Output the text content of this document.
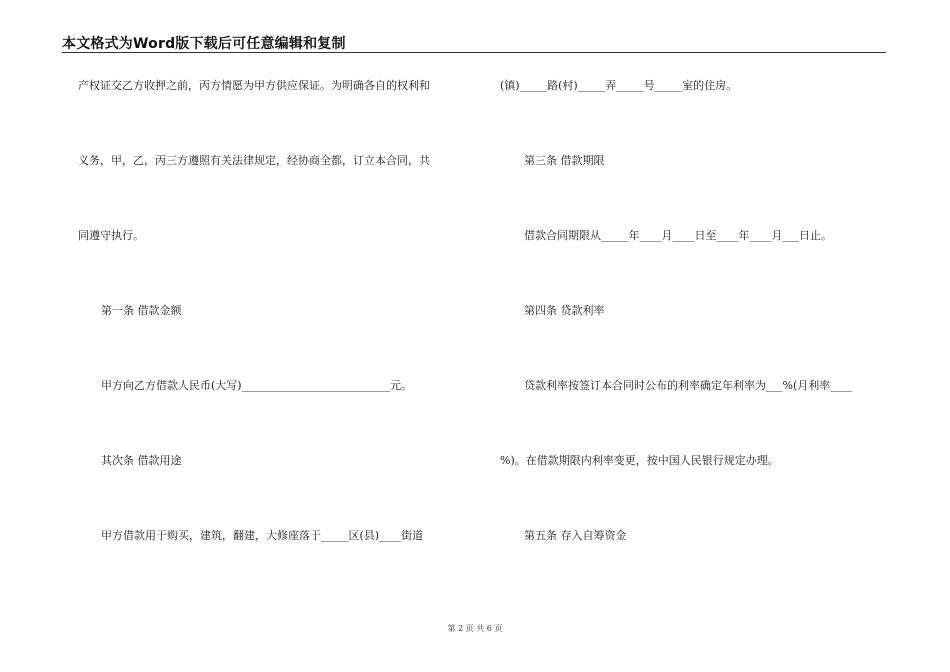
本文格式为Word版下载后可任意编辑和复制
产权证交乙方收押之前，丙方情愿为甲方供应保证。为明确各自的权利和
义务，甲，乙，丙三方遵照有关法律规定，经协商全都，订立本合同，共
同遵守执行。
第一条 借款金额
甲方向乙方借款人民币(大写)___________________________元。
其次条 借款用途
甲方借款用于购买，建筑，翻建，大修座落于_____区(县)____街道
(镇)_____路(村)_____弄_____号_____室的住房。
第三条 借款期限
借款合同期限从_____年____月____日至____年____月___日止。
第四条 贷款利率
贷款利率按签订本合同时公布的利率确定年利率为___%(月利率____
%)。在借款期限内利率变更，按中国人民银行规定办理。
第五条 存入自筹资金
第 2 页 共 6 页
